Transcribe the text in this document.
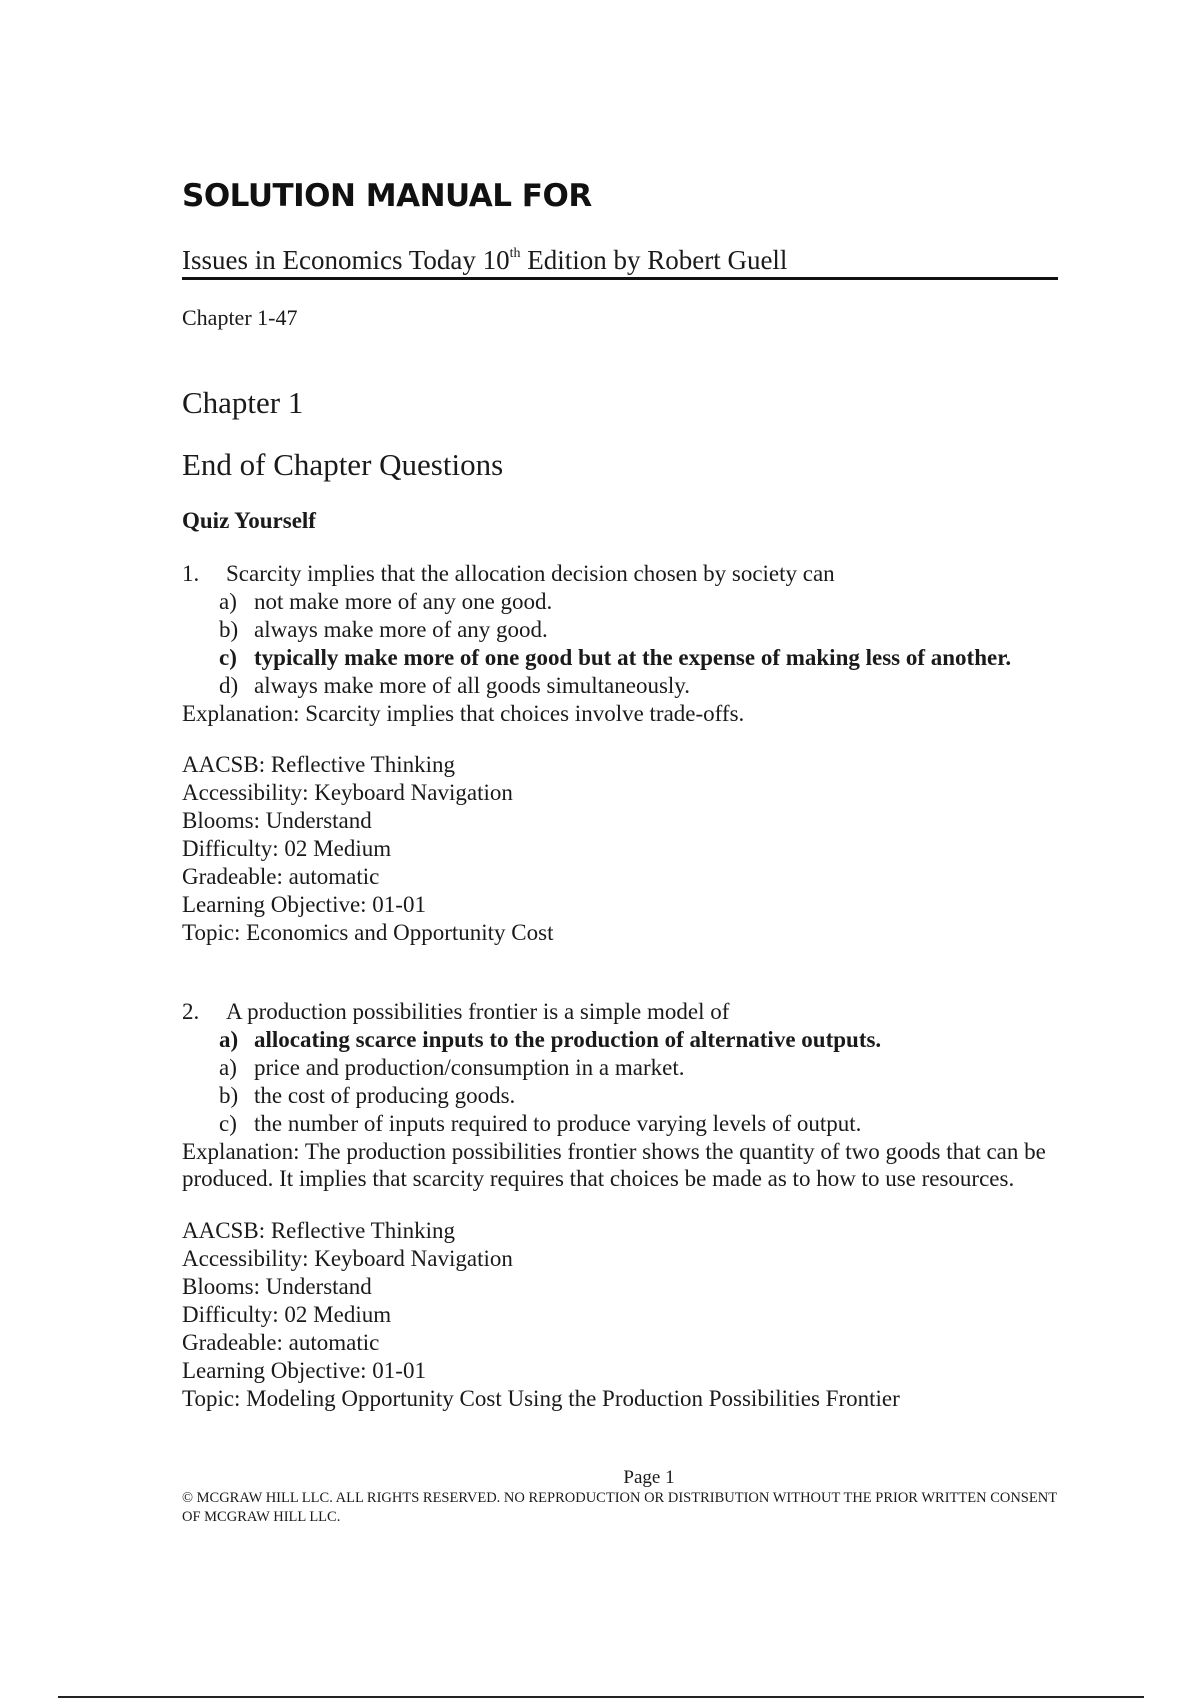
SOLUTION MANUAL FOR
Issues in Economics Today 10th Edition by Robert Guell
Chapter 1-47
Chapter 1
End of Chapter Questions
Quiz Yourself
1.	Scarcity implies that the allocation decision chosen by society can
a) not make more of any one good.
b) always make more of any good.
c) typically make more of one good but at the expense of making less of another.
d) always make more of all goods simultaneously.

Explanation: Scarcity implies that choices involve trade-offs.

AACSB: Reflective Thinking
Accessibility: Keyboard Navigation
Blooms: Understand
Difficulty: 02 Medium
Gradeable: automatic
Learning Objective: 01-01
Topic: Economics and Opportunity Cost
2.	A production possibilities frontier is a simple model of
a) allocating scarce inputs to the production of alternative outputs.
a) price and production/consumption in a market.
b) the cost of producing goods.
c) the number of inputs required to produce varying levels of output.

Explanation: The production possibilities frontier shows the quantity of two goods that can be produced. It implies that scarcity requires that choices be made as to how to use resources.

AACSB: Reflective Thinking
Accessibility: Keyboard Navigation
Blooms: Understand
Difficulty: 02 Medium
Gradeable: automatic
Learning Objective: 01-01
Topic: Modeling Opportunity Cost Using the Production Possibilities Frontier
Page 1
© MCGRAW HILL LLC. ALL RIGHTS RESERVED. NO REPRODUCTION OR DISTRIBUTION WITHOUT THE PRIOR WRITTEN CONSENT OF MCGRAW HILL LLC.
